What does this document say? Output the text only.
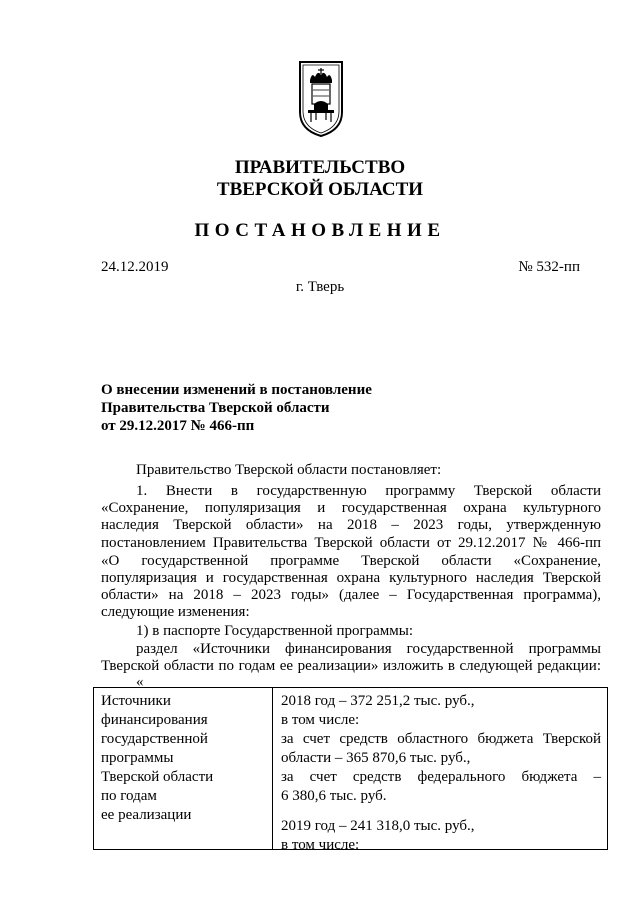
ПРАВИТЕЛЬСТВО
ТВЕРСКОЙ ОБЛАСТИ
ПОСТАНОВЛЕНИЕ
24.12.2019	№ 532-пп
г. Тверь
О внесении изменений в постановление
Правительства Тверской области
от 29.12.2017 № 466-пп
Правительство Тверской области постановляет:
1. Внести в государственную программу Тверской области
«Сохранение, популяризация и государственная охрана культурного
наследия Тверской области» на 2018 – 2023 годы, утвержденную
постановлением Правительства Тверской области от 29.12.2017 № 466-пп
«О государственной программе Тверской области «Сохранение,
популяризация и государственная охрана культурного наследия Тверской
области» на 2018 – 2023 годы» (далее – Государственная программа),
следующие изменения:
1) в паспорте Государственной программы:
раздел «Источники финансирования государственной программы
Тверской области по годам ее реализации» изложить в следующей редакции:
«
Источники
финансирования
государственной
программы
Тверской области
по годам
ее реализации
2018 год – 372 251,2 тыс. руб.,
в том числе:
за счет средств областного бюджета Тверской
области – 365 870,6 тыс. руб.,
за счет средств федерального бюджета –
6 380,6 тыс. руб.
2019 год – 241 318,0 тыс. руб.,
в том числе:
